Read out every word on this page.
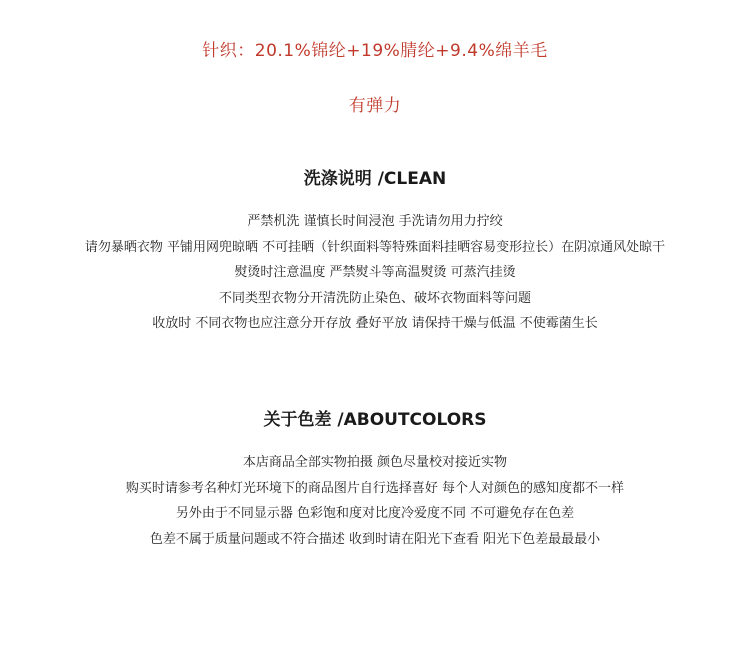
针织：20.1%锦纶+19%腈纶+9.4%绵羊毛
有弹力
洗涤说明 /CLEAN
严禁机洗 谨慎长时间浸泡 手洗请勿用力拧绞
请勿暴晒衣物 平铺用网兜晾晒 不可挂晒（针织面料等特殊面料挂晒容易变形拉长）在阴凉通风处晾干
熨烫时注意温度 严禁熨斗等高温熨烫 可蒸汽挂烫
不同类型衣物分开清洗防止染色、破坏衣物面料等问题
收放时 不同衣物也应注意分开存放 叠好平放 请保持干燥与低温 不使霉菌生长
关于色差 /ABOUTCOLORS
本店商品全部实物拍摄 颜色尽量校对接近实物
购买时请参考名种灯光环境下的商品图片自行选择喜好 每个人对颜色的感知度都不一样
另外由于不同显示器 色彩饱和度对比度冷爱度不同 不可避免存在色差
色差不属于质量问题或不符合描述 收到时请在阳光下查看 阳光下色差最最最小
